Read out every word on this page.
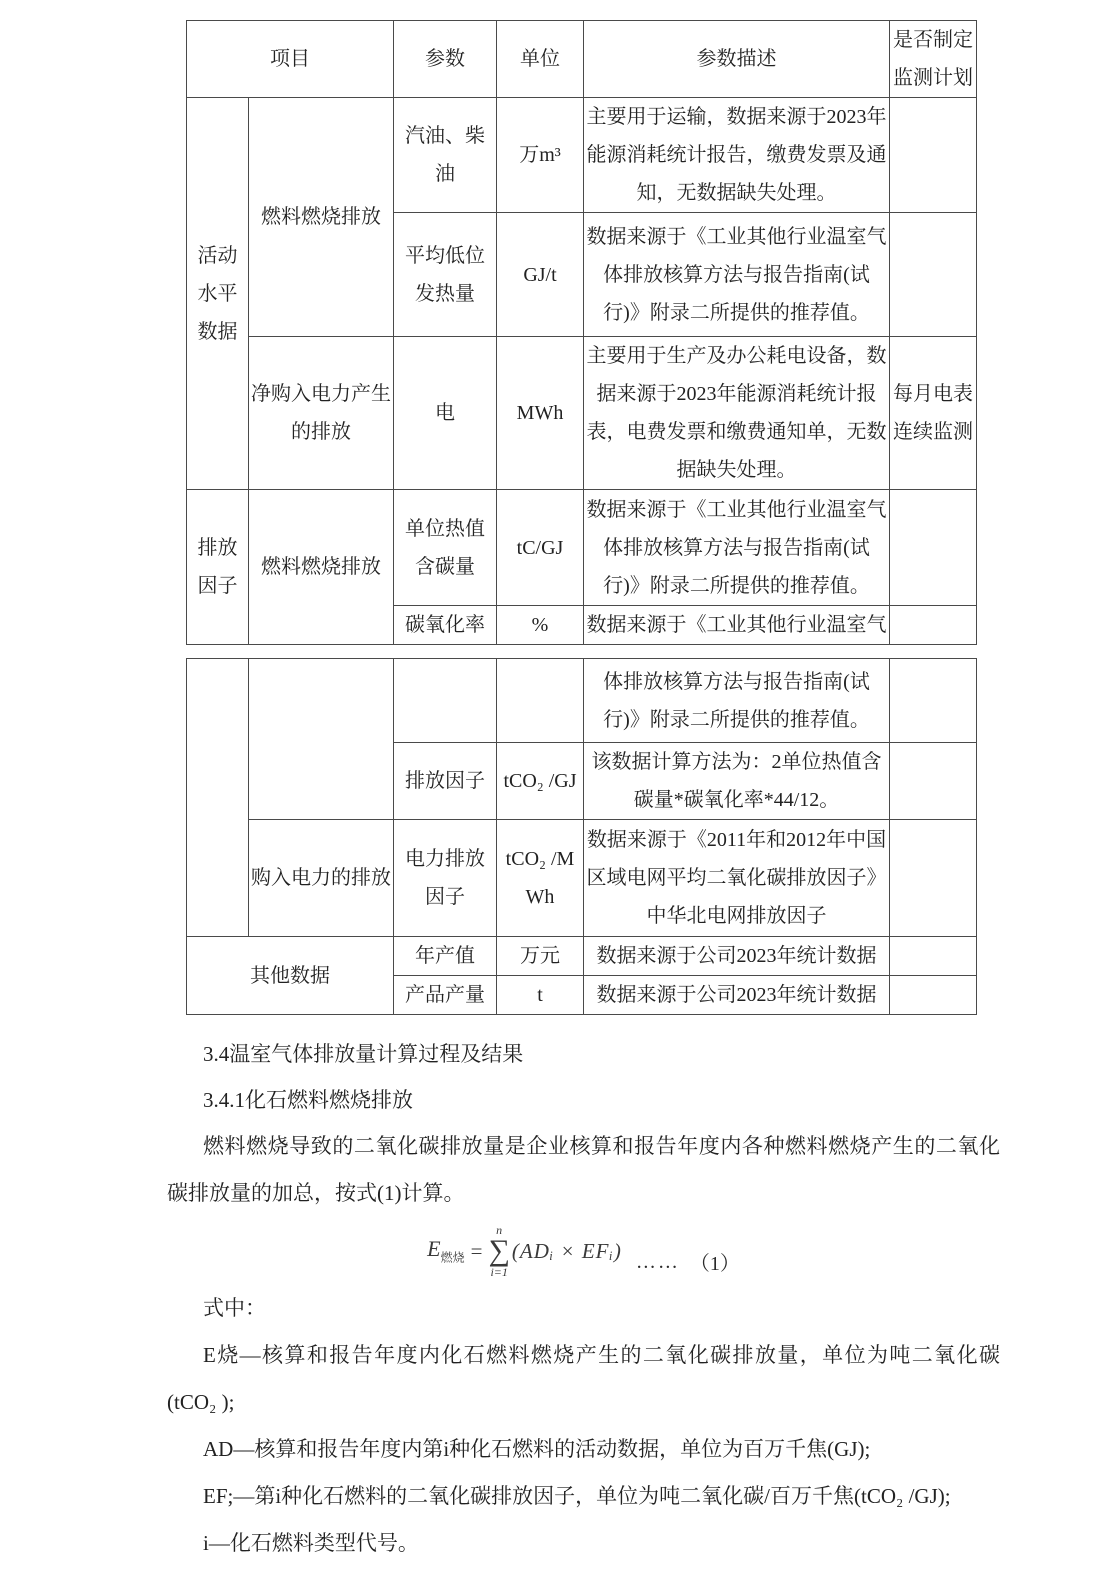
项目		参数	单位	参数描述	是否制定监测计划
活动水平数据	燃料燃烧排放	汽油、柴油	万m³	主要用于运输，数据来源于2023年能源消耗统计报告，缴费发票及通知，无数据缺失处理。	
		平均低位发热量	GJ/t	数据来源于《工业其他行业温室气体排放核算方法与报告指南(试行)》附录二所提供的推荐值。	
	净购入电力产生的排放	电	MWh	主要用于生产及办公耗电设备，数据来源于2023年能源消耗统计报表，电费发票和缴费通知单，无数据缺失处理。	每月电表连续监测
排放因子	燃料燃烧排放	单位热值含碳量	tC/GJ	数据来源于《工业其他行业温室气体排放核算方法与报告指南(试行)》附录二所提供的推荐值。	
		碳氧化率	%	数据来源于《工业其他行业温室气	
				体排放核算方法与报告指南(试行)》附录二所提供的推荐值。	
		排放因子	tCO₂ /GJ	该数据计算方法为：2单位热值含碳量*碳氧化率*44/12。	
	购入电力的排放	电力排放因子	tCO₂ /MWh	数据来源于《2011年和2012年中国区域电网平均二氧化碳排放因子》中华北电网排放因子	
其他数据		年产值	万元	数据来源于公司2023年统计数据	
		产品产量	t	数据来源于公司2023年统计数据	
3.4温室气体排放量计算过程及结果
3.4.1化石燃料燃烧排放

燃料燃烧导致的二氧化碳排放量是企业核算和报告年度内各种燃料燃烧产生的二氧化碳排放量的加总，按式(1)计算。

$E_{燃烧}$ =
n
∑
i=1
(ADᵢ × EFᵢ) …… （1）

式中：

E烧—核算和报告年度内化石燃料燃烧产生的二氧化碳排放量，单位为吨二氧化碳(tCO₂ );

AD—核算和报告年度内第i种化石燃料的活动数据，单位为百万千焦(GJ);

EF;—第i种化石燃料的二氧化碳排放因子，单位为吨二氧化碳/百万千焦(tCO₂ /GJ);

i—化石燃料类型代号。
